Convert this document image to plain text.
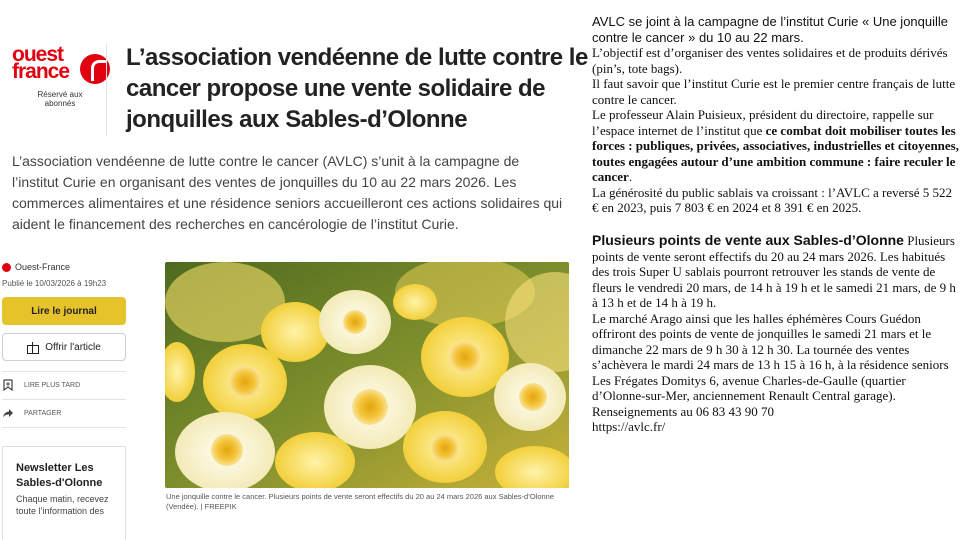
ouest
france
Réservé aux abonnés
L’association vendéenne de lutte contre le cancer propose une vente solidaire de jonquilles aux Sables-d’Olonne
L’association vendéenne de lutte contre le cancer (AVLC) s’unit à la campagne de
l’institut Curie en organisant des ventes de jonquilles du 10 au 22 mars 2026. Les
commerces alimentaires et une résidence seniors accueilleront ces actions solidaires qui
aident le financement des recherches en cancérologie de l’institut Curie.
Ouest-France
Publié le 10/03/2026 à 19h23
Lire le journal
Offrir l'article
LIRE PLUS TARD
PARTAGER
Newsletter Les Sables-d'Olonne
Chaque matin, recevez toute l’information des
Une jonquille contre le cancer. Plusieurs points de vente seront effectifs du 20 au 24 mars 2026 aux Sables-d’Olonne (Vendée). | FREEPIK

AVLC se joint à la campagne de l’institut Curie « Une jonquille contre le cancer » du 10 au 22 mars.

L’objectif est d’organiser des ventes solidaires et de produits dérivés (pin’s, tote bags).

Il faut savoir que l’institut Curie est le premier centre français de lutte contre le cancer.

Le professeur Alain Puisieux, président du directoire, rappelle sur l’espace internet de l’institut que ce combat doit mobiliser toutes les forces : publiques, privées, associatives, industrielles et citoyennes, toutes engagées autour d’une ambition commune : faire reculer le cancer.

La générosité du public sablais va croissant : l’AVLC a reversé 5 522 € en 2023, puis 7 803 € en 2024 et 8 391 € en 2025.

Plusieurs points de vente aux Sables-d’Olonne Plusieurs points de vente seront effectifs du 20 au 24 mars 2026. Les habitués des trois Super U sablais pourront retrouver les stands de vente de fleurs le vendredi 20 mars, de 14 h à 19 h et le samedi 21 mars, de 9 h à 13 h et de 14 h à 19 h.

Le marché Arago ainsi que les halles éphémères Cours Guédon offriront des points de vente de jonquilles le samedi 21 mars et le dimanche 22 mars de 9 h 30 à 12 h 30. La tournée des ventes s’achèvera le mardi 24 mars de 13 h 15 à 16 h, à la résidence seniors Les Frégates Domitys 6, avenue Charles-de-Gaulle (quartier d’Olonne-sur-Mer, anciennement Renault Central garage). Renseignements au 06 83 43 90 70

https://avlc.fr/
